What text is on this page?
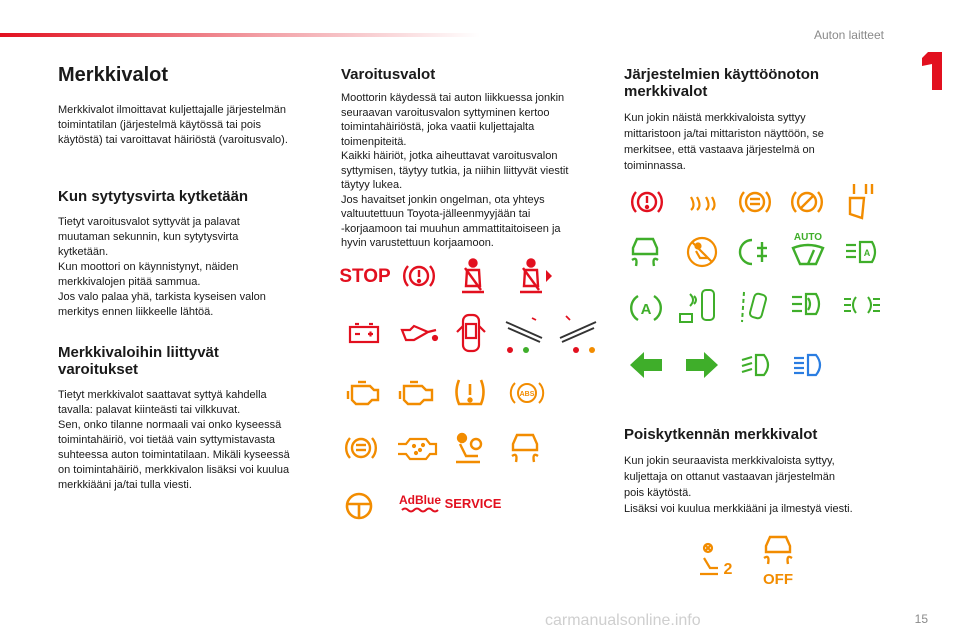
Auton laitteet
Merkkivalot

Merkkivalot ilmoittavat kuljettajalle järjestelmän
toimintatilan (järjestelmä käytössä tai pois
käytöstä) tai varoittavat häiriöstä (varoitusvalo).

Kun sytytysvirta kytketään

Tietyt varoitusvalot syttyvät ja palavat
muutaman sekunnin, kun sytytysvirta
kytketään.
Kun moottori on käynnistynyt, näiden
merkkivalojen pitää sammua.
Jos valo palaa yhä, tarkista kyseisen valon
merkitys ennen liikkeelle lähtöä.

Merkkivaloihin liittyvät
varoitukset

Tietyt merkkivalot saattavat syttyä kahdella
tavalla: palavat kiinteästi tai vilkkuvat.
Sen, onko tilanne normaali vai onko kyseessä
toimintahäiriö, voi tietää vain syttymistavasta
suhteessa auton toimintatilaan. Mikäli kyseessä
on toimintahäiriö, merkkivalon lisäksi voi kuulua
merkkiääni ja/tai tulla viesti.

Varoitusvalot

Moottorin käydessä tai auton liikkuessa jonkin
seuraavan varoitusvalon syttyminen kertoo
toimintahäiriöstä, joka vaatii kuljettajalta
toimenpiteitä.
Kaikki häiriöt, jotka aiheuttavat varoitusvalon
syttymisen, täytyy tutkia, ja niihin liittyvät viestit
täytyy lukea.
Jos havaitset jonkin ongelman, ota yhteys
valtuutettuun Toyota-jälleenmyyjään tai
-korjaamoon tai muuhun ammattitaitoiseen ja
hyvin varustettuun korjaamoon.

Järjestelmien käyttöönoton
merkkivalot

Kun jokin näistä merkkivaloista syttyy
mittaristoon ja/tai mittariston näyttöön, se
merkitsee, että vastaava järjestelmä on
toiminnassa.

Poiskytkennän merkkivalot

Kun jokin seuraavista merkkivaloista syttyy,
kuljettaja on ottanut vastaavan järjestelmän
pois käytöstä.
Lisäksi voi kuulua merkkiääni ja ilmestyä viesti.

STOP
ABS
AdBlue SERVICE
AUTO
A
A
2
OFF
carmanualsonline.info	15
